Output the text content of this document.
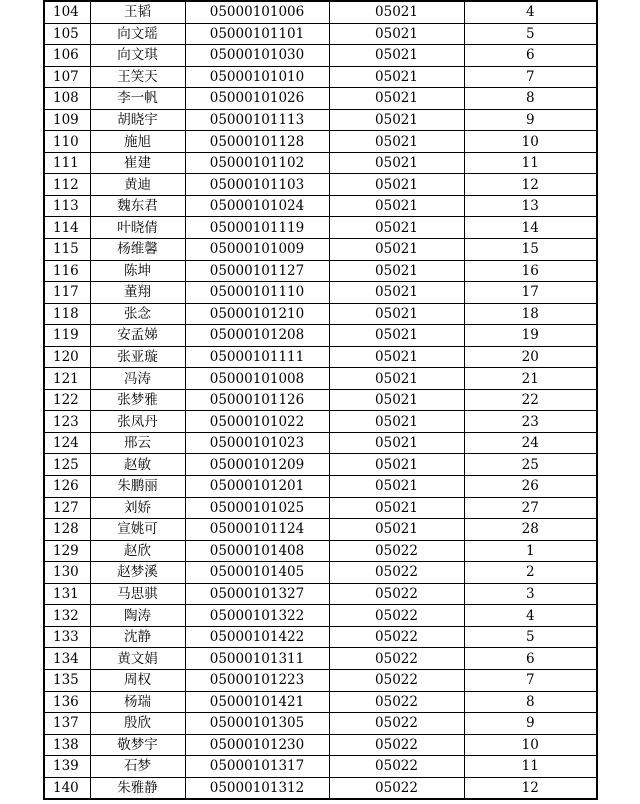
104	王韬	05000101006	05021	4
105	向文瑶	05000101101	05021	5
106	向文琪	05000101030	05021	6
107	王笑天	05000101010	05021	7
108	李一帆	05000101026	05021	8
109	胡晓宇	05000101113	05021	9
110	施旭	05000101128	05021	10
111	崔建	05000101102	05021	11
112	黄迪	05000101103	05021	12
113	魏东君	05000101024	05021	13
114	叶晓倩	05000101119	05021	14
115	杨维馨	05000101009	05021	15
116	陈坤	05000101127	05021	16
117	董翔	05000101110	05021	17
118	张念	05000101210	05021	18
119	安孟娣	05000101208	05021	19
120	张亚璇	05000101111	05021	20
121	冯涛	05000101008	05021	21
122	张梦雅	05000101126	05021	22
123	张凤丹	05000101022	05021	23
124	邢云	05000101023	05021	24
125	赵敏	05000101209	05021	25
126	朱鹏丽	05000101201	05021	26
127	刘娇	05000101025	05021	27
128	宣姚可	05000101124	05021	28
129	赵欣	05000101408	05022	1
130	赵梦溪	05000101405	05022	2
131	马思骐	05000101327	05022	3
132	陶涛	05000101322	05022	4
133	沈静	05000101422	05022	5
134	黄文娟	05000101311	05022	6
135	周权	05000101223	05022	7
136	杨瑞	05000101421	05022	8
137	殷欣	05000101305	05022	9
138	敬梦宇	05000101230	05022	10
139	石梦	05000101317	05022	11
140	朱雅静	05000101312	05022	12
